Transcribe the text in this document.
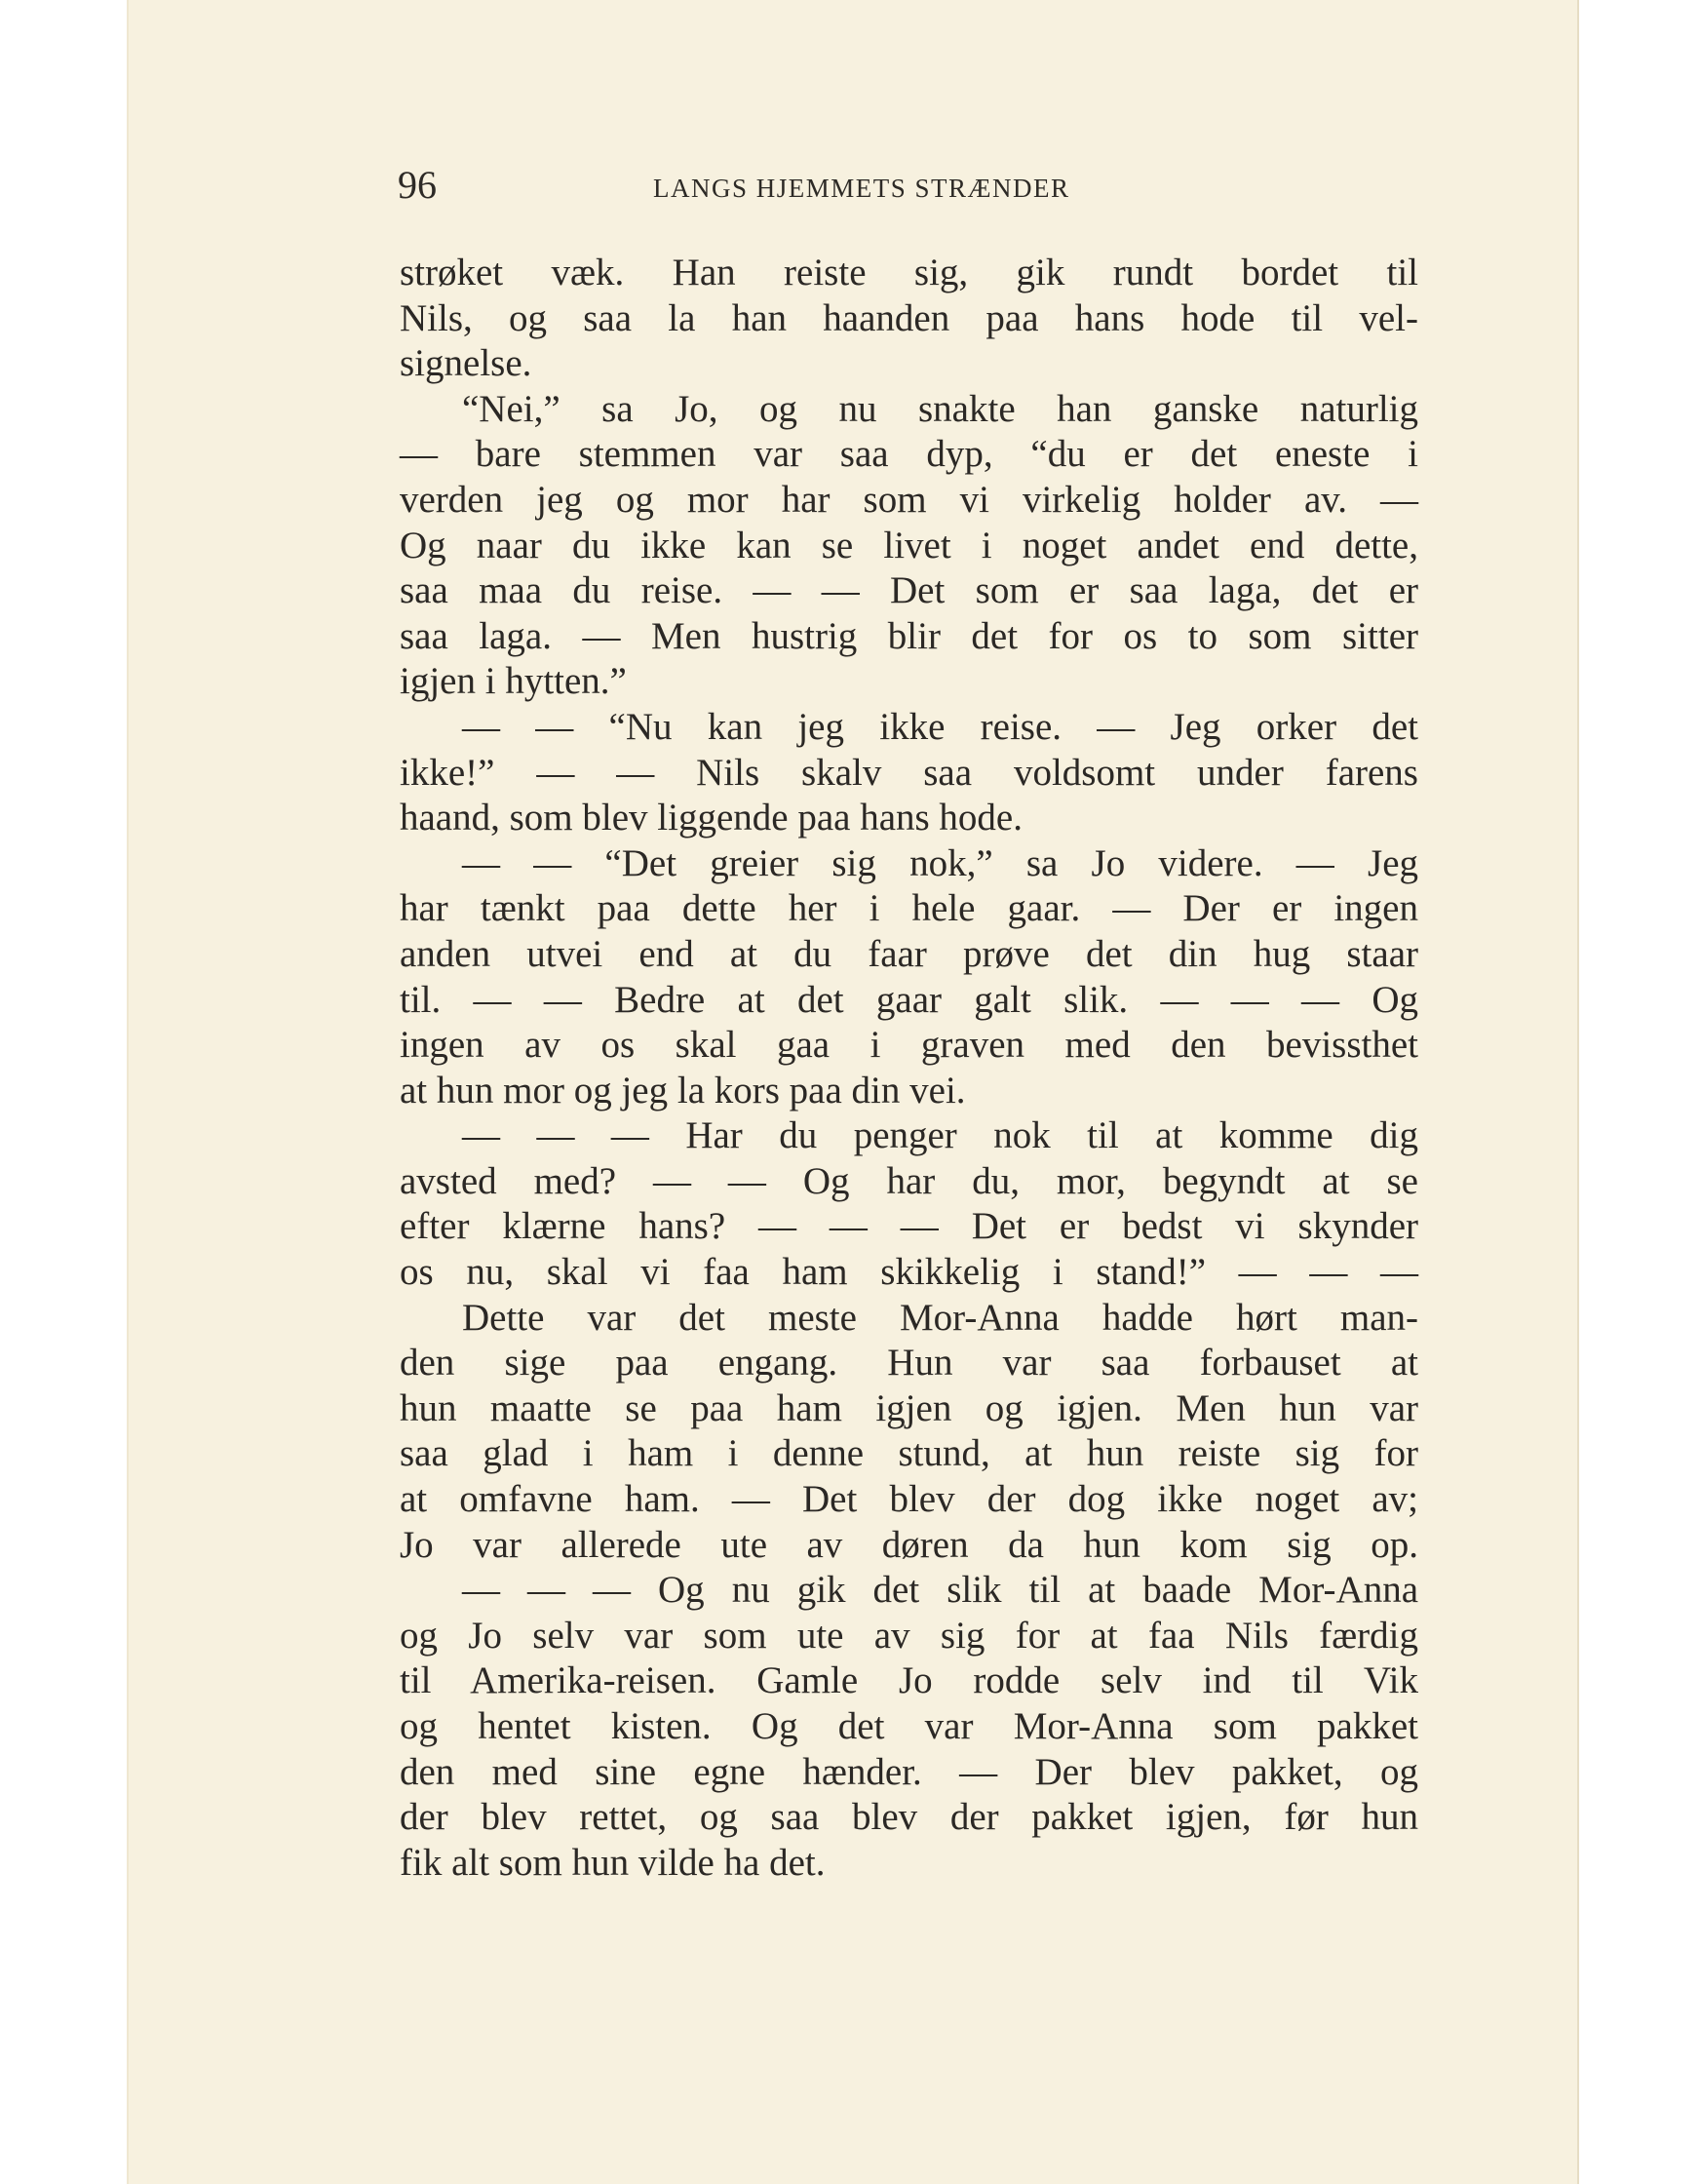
96	LANGS HJEMMETS STRÆNDER
strøket væk. Han reiste sig, gik rundt bordet til
Nils, og saa la han haanden paa hans hode til vel-
signelse.
“Nei,” sa Jo, og nu snakte han ganske naturlig
— bare stemmen var saa dyp, “du er det eneste i
verden jeg og mor har som vi virkelig holder av. —
Og naar du ikke kan se livet i noget andet end dette,
saa maa du reise. — — Det som er saa laga, det er
saa laga. — Men hustrig blir det for os to som sitter
igjen i hytten.”
— — “Nu kan jeg ikke reise. — Jeg orker det
ikke!” — — Nils skalv saa voldsomt under farens
haand, som blev liggende paa hans hode.
— — “Det greier sig nok,” sa Jo videre. — Jeg
har tænkt paa dette her i hele gaar. — Der er ingen
anden utvei end at du faar prøve det din hug staar
til. — — Bedre at det gaar galt slik. — — — Og
ingen av os skal gaa i graven med den bevissthet
at hun mor og jeg la kors paa din vei.
— — — Har du penger nok til at komme dig
avsted med? — — Og har du, mor, begyndt at se
efter klærne hans? — — — Det er bedst vi skynder
os nu, skal vi faa ham skikkelig i stand!” — — —
Dette var det meste Mor-Anna hadde hørt man-
den sige paa engang. Hun var saa forbauset at
hun maatte se paa ham igjen og igjen. Men hun var
saa glad i ham i denne stund, at hun reiste sig for
at omfavne ham. — Det blev der dog ikke noget av;
Jo var allerede ute av døren da hun kom sig op.
— — — Og nu gik det slik til at baade Mor-Anna
og Jo selv var som ute av sig for at faa Nils færdig
til Amerika-reisen. Gamle Jo rodde selv ind til Vik
og hentet kisten. Og det var Mor-Anna som pakket
den med sine egne hænder. — Der blev pakket, og
der blev rettet, og saa blev der pakket igjen, før hun
fik alt som hun vilde ha det.
